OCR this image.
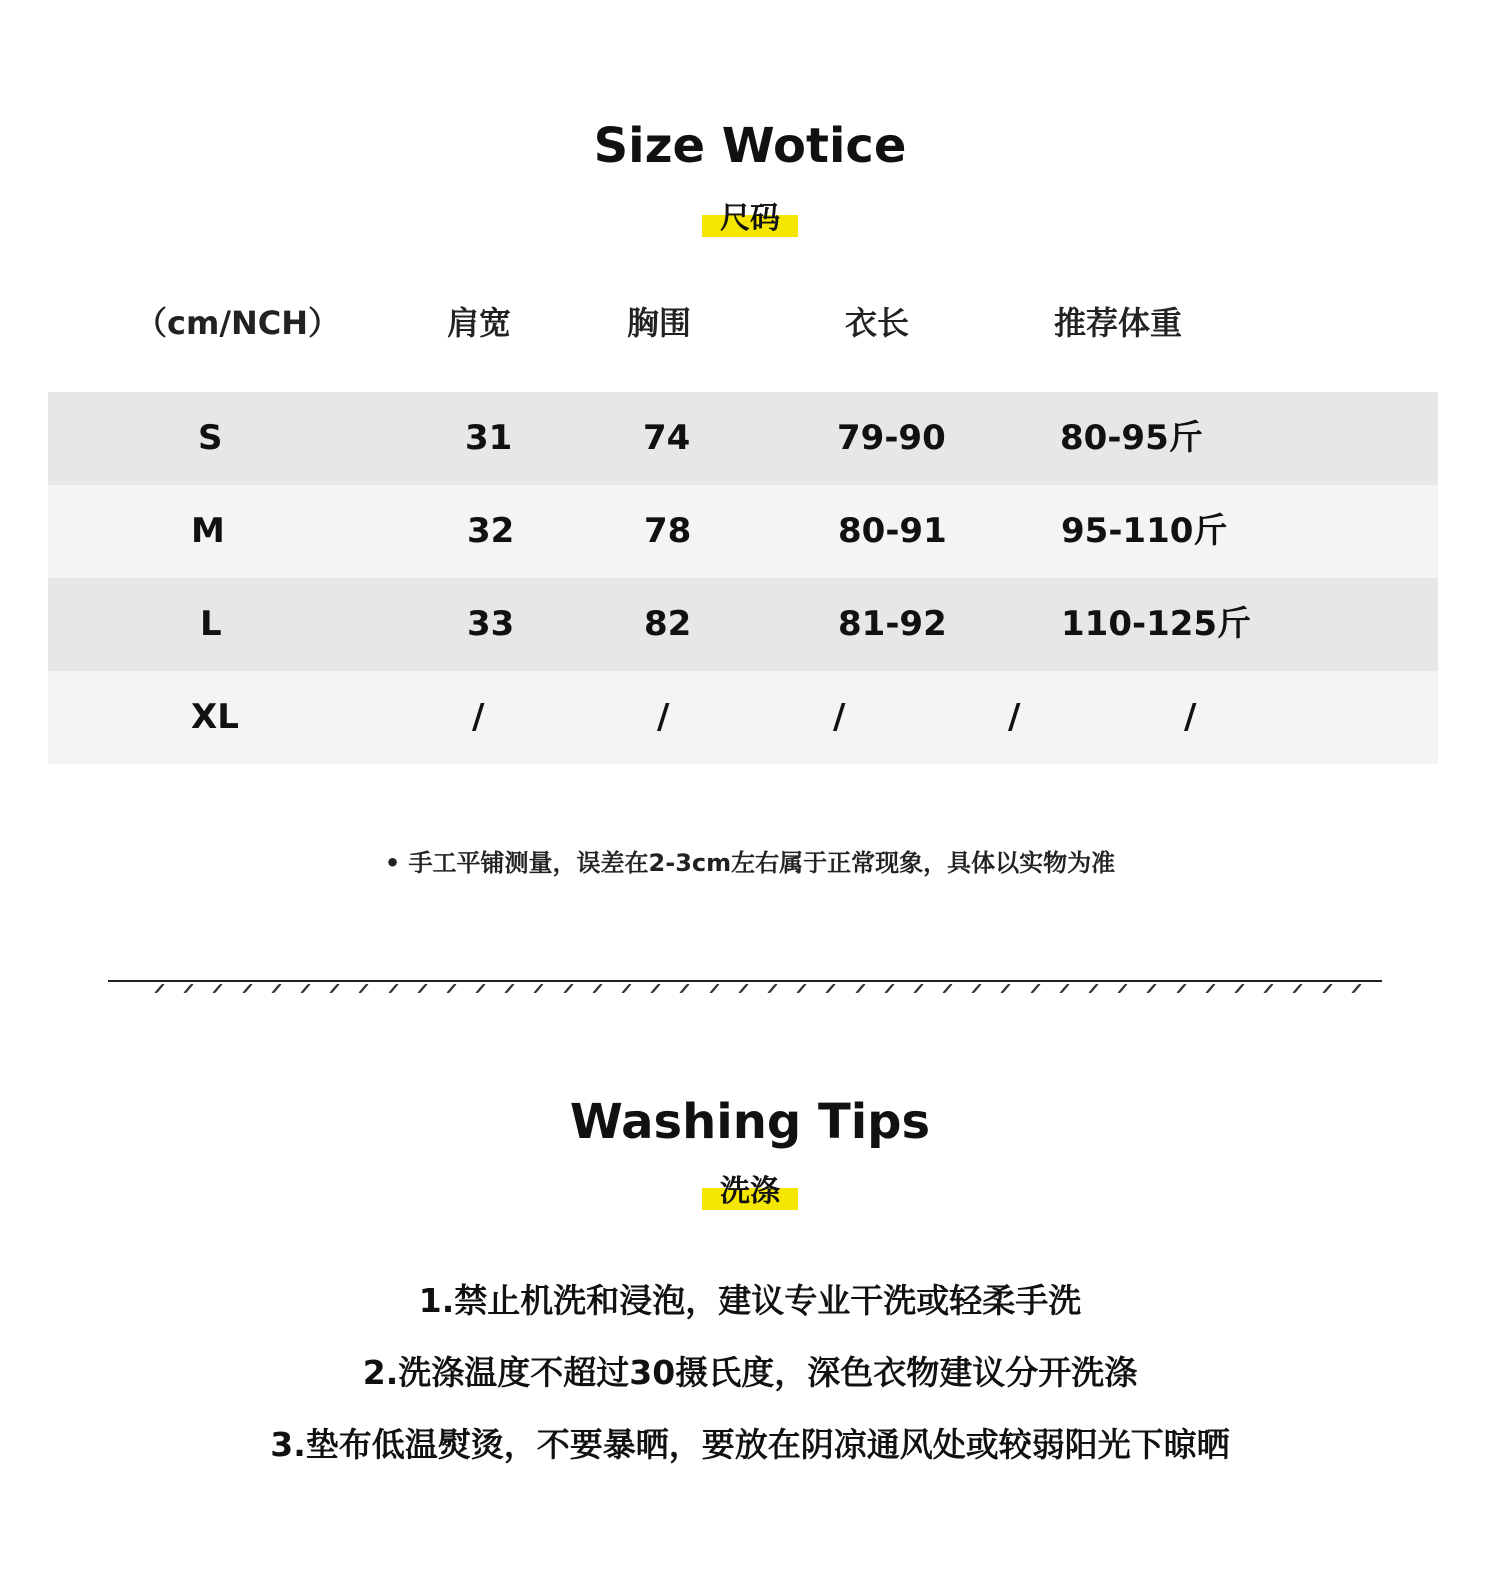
Size Wotice
尺码
（cm/NCH）	肩宽	胸围	衣长	推荐体重
S	31	74	79-90	80-95斤
M	32	78	80-91	95-110斤
L	33	82	81-92	110-125斤
XL	/	/	/	/	/
• 手工平铺测量，误差在2-3cm左右属于正常现象，具体以实物为准
Washing Tips
洗涤
1.禁止机洗和浸泡，建议专业干洗或轻柔手洗
2.洗涤温度不超过30摄氏度，深色衣物建议分开洗涤
3.垫布低温熨烫，不要暴晒，要放在阴凉通风处或较弱阳光下晾晒
